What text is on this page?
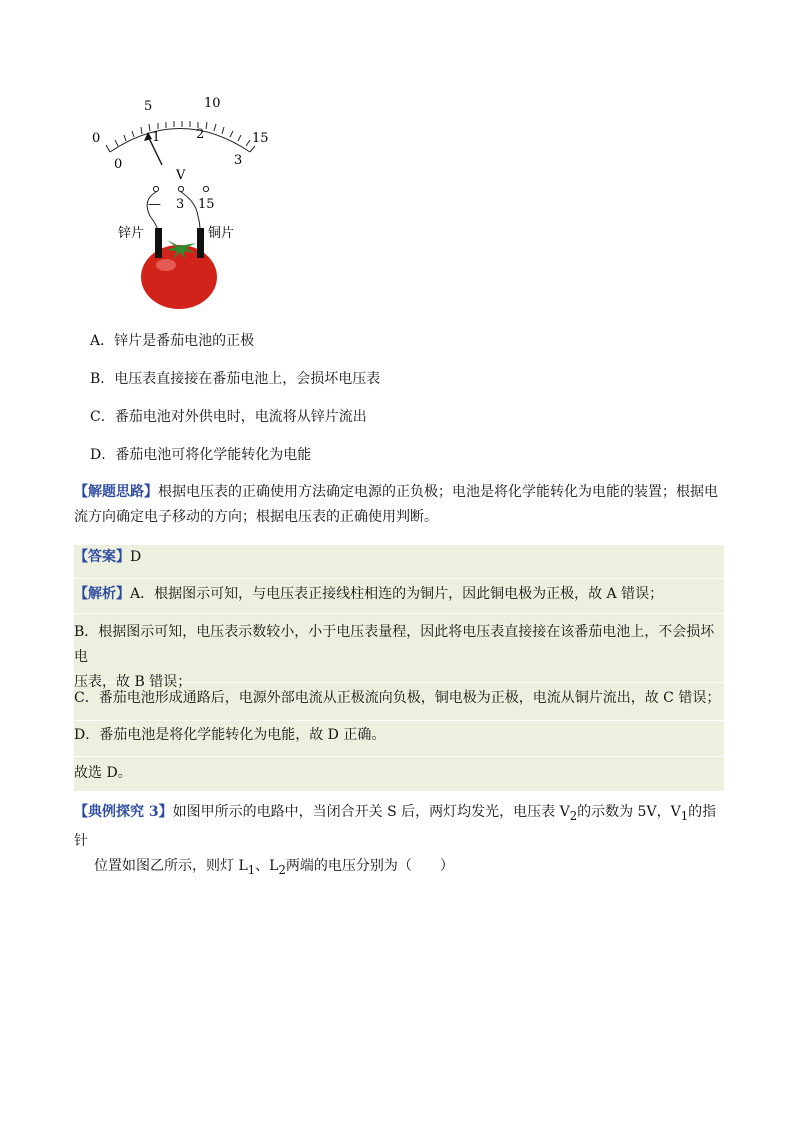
0
5	10
15
0
1	2
3
V
— 3 15
锌片	铜片
A．锌片是番茄电池的正极
B．电压表直接接在番茄电池上，会损坏电压表
C．番茄电池对外供电时，电流将从锌片流出
D．番茄电池可将化学能转化为电能
【解题思路】根据电压表的正确使用方法确定电源的正负极；电池是将化学能转化为电能的装置；根据电
流方向确定电子移动的方向；根据电压表的正确使用判断。
【答案】D
【解析】A．根据图示可知，与电压表正接线柱相连的为铜片，因此铜电极为正极，故 A 错误；
B．根据图示可知，电压表示数较小，小于电压表量程，因此将电压表直接接在该番茄电池上，不会损坏电
压表，故 B 错误；
C．番茄电池形成通路后，电源外部电流从正极流向负极，铜电极为正极，电流从铜片流出，故 C 错误；
D．番茄电池是将化学能转化为电能，故 D 正确。
故选 D。
【典例探究 3】如图甲所示的电路中，当闭合开关 S 后，两灯均发光，电压表 $V_2$的示数为 5V，$V_1$的指针
位置如图乙所示，则灯 $L_1$、$L_2$两端的电压分别为（　　）
